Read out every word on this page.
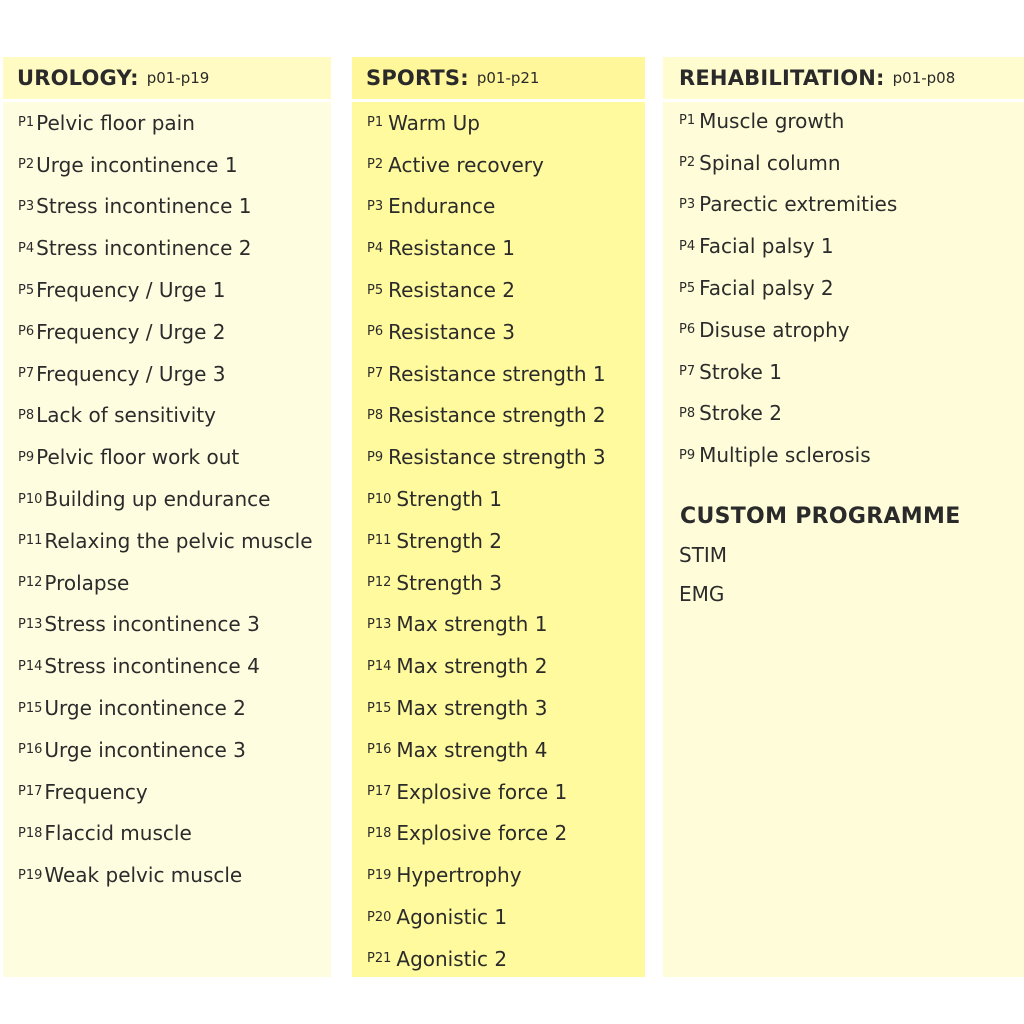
UROLOGY: p01-p19
P1 Pelvic floor pain
P2 Urge incontinence 1
P3 Stress incontinence 1
P4 Stress incontinence 2
P5 Frequency / Urge 1
P6 Frequency / Urge 2
P7 Frequency / Urge 3
P8 Lack of sensitivity
P9 Pelvic floor work out
P10 Building up endurance
P11 Relaxing the pelvic muscle
P12 Prolapse
P13 Stress incontinence 3
P14 Stress incontinence 4
P15 Urge incontinence 2
P16 Urge incontinence 3
P17 Frequency
P18 Flaccid muscle
P19 Weak pelvic muscle
SPORTS: p01-p21
P1 Warm Up
P2 Active recovery
P3 Endurance
P4 Resistance 1
P5 Resistance 2
P6 Resistance 3
P7 Resistance strength 1
P8 Resistance strength 2
P9 Resistance strength 3
P10 Strength 1
P11 Strength 2
P12 Strength 3
P13 Max strength 1
P14 Max strength 2
P15 Max strength 3
P16 Max strength 4
P17 Explosive force 1
P18 Explosive force 2
P19 Hypertrophy
P20 Agonistic 1
P21 Agonistic 2
REHABILITATION: p01-p08
P1 Muscle growth
P2 Spinal column
P3 Parectic extremities
P4 Facial palsy 1
P5 Facial palsy 2
P6 Disuse atrophy
P7 Stroke 1
P8 Stroke 2
P9 Multiple sclerosis
CUSTOM PROGRAMME
STIM
EMG
